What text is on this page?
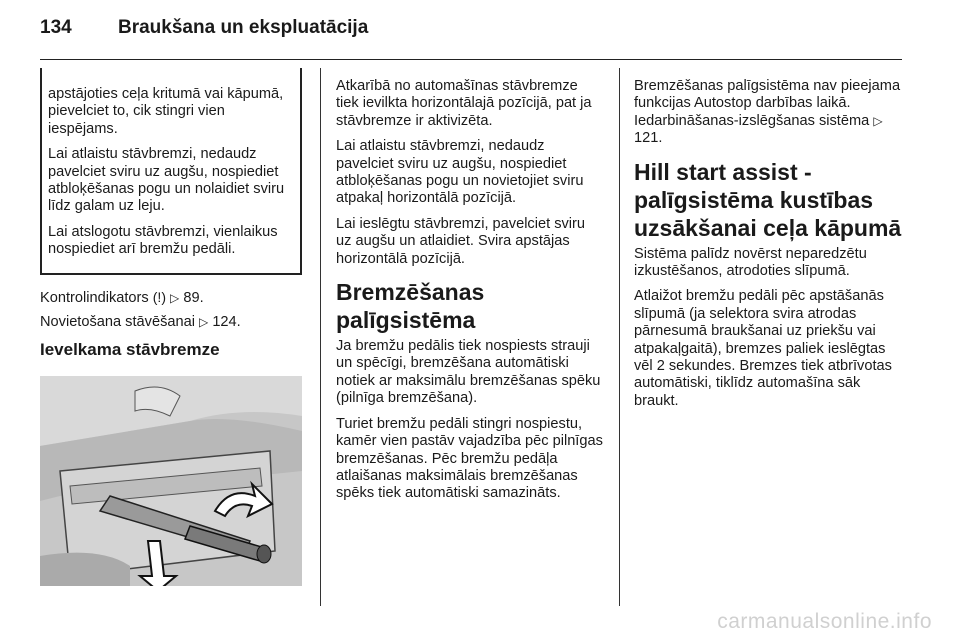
134 Braukšana un ekspluatācija

apstājoties ceļa kritumā vai kāpumā, pievelciet to, cik stingri vien iespējams.

Lai atlaistu stāvbremzi, nedaudz pavelciet sviru uz augšu, nospiediet atbloķēšanas pogu un nolaidiet sviru līdz galam uz leju.

Lai atslogotu stāvbremzi, vienlaikus nospiediet arī bremžu pedāli.

Kontrolindikators (!) ▷ 89.

Novietošana stāvēšanai ▷ 124.

Ievelkama stāvbremze

Atkarībā no automašīnas stāvbremze tiek ievilkta horizontālajā pozīcijā, pat ja stāvbremze ir aktivizēta.

Lai atlaistu stāvbremzi, nedaudz pavelciet sviru uz augšu, nospiediet atbloķēšanas pogu un novietojiet sviru atpakaļ horizontālā pozīcijā.

Lai ieslēgtu stāvbremzi, pavelciet sviru uz augšu un atlaidiet. Svira apstājas horizontālā pozīcijā.

Bremzēšanas
palīgsistēma

Ja bremžu pedālis tiek nospiests strauji un spēcīgi, bremzēšana automātiski notiek ar maksimālu bremzēšanas spēku (pilnīga bremzēšana).

Turiet bremžu pedāli stingri nospiestu, kamēr vien pastāv vajadzība pēc pilnīgas bremzēšanas. Pēc bremžu pedāļa atlaišanas maksimālais bremzēšanas spēks tiek automātiski samazināts.

Bremzēšanas palīgsistēma nav pieejama funkcijas Autostop darbības laikā. Iedarbināšanas-izslēgšanas sistēma ▷ 121.

Hill start assist -
palīgsistēma kustības
uzsākšanai ceļa kāpumā

Sistēma palīdz novērst neparedzētu izkustēšanos, atrodoties slīpumā.

Atlaižot bremžu pedāli pēc apstāšanās slīpumā (ja selektora svira atrodas pārnesumā braukšanai uz priekšu vai atpakaļgaitā), bremzes paliek ieslēgtas vēl 2 sekundes. Bremzes tiek atbrīvotas automātiski, tiklīdz automašīna sāk braukt.

carmanualsonline.info
